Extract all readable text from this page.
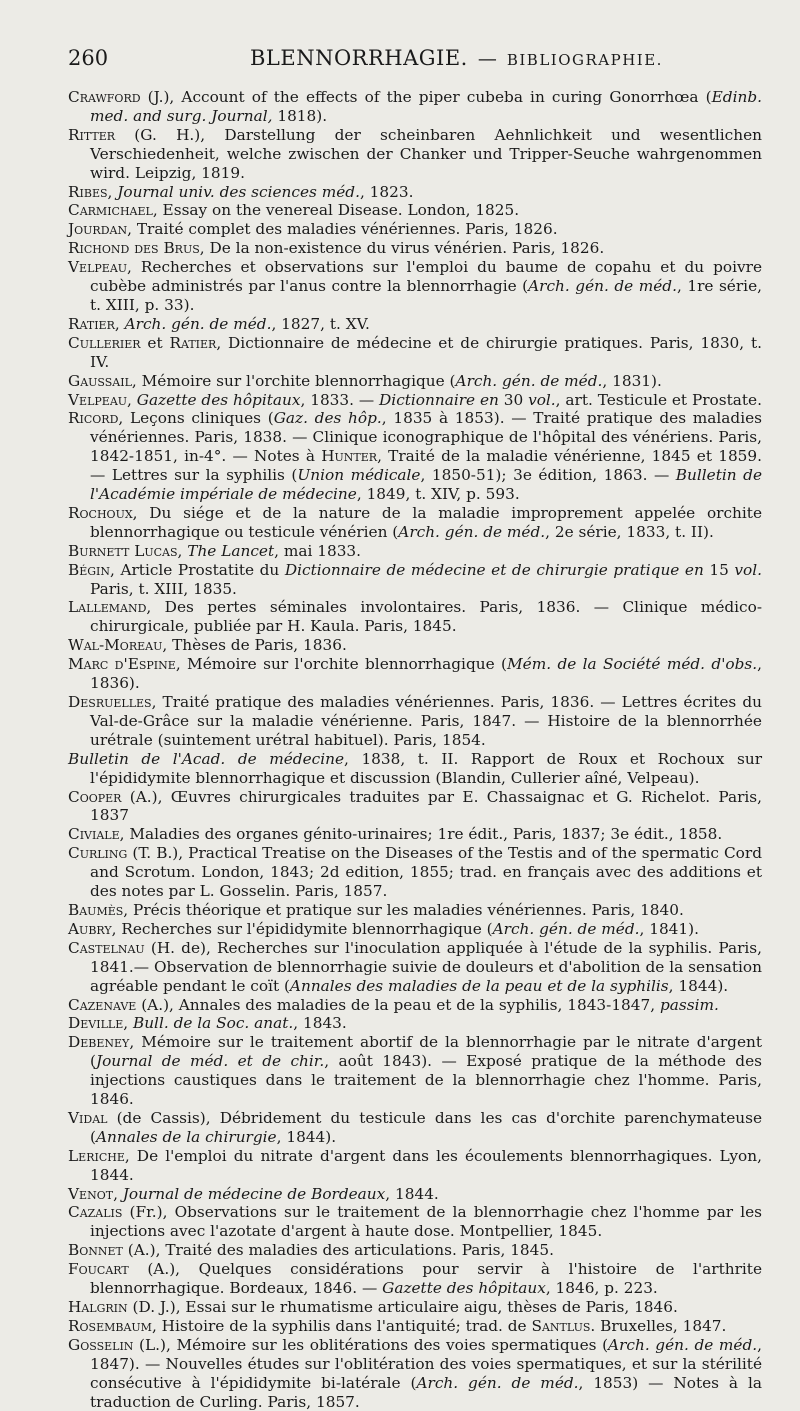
260	BLENNORRHAGIE. — BIBLIOGRAPHIE.

Crawford (J.), Account of the effects of the piper cubeba in curing Gonorrhœa (Edinb. med. and surg. Journal, 1818).

Ritter (G. H.), Darstellung der scheinbaren Aehnlichkeit und wesentlichen Verschiedenheit, welche zwischen der Chanker und Tripper-Seuche wahrgenommen wird. Leipzig, 1819.

Ribes, Journal univ. des sciences méd., 1823.

Carmichael, Essay on the venereal Disease. London, 1825.

Jourdan, Traité complet des maladies vénériennes. Paris, 1826.

Richond des Brus, De la non-existence du virus vénérien. Paris, 1826.

Velpeau, Recherches et observations sur l'emploi du baume de copahu et du poivre cubèbe administrés par l'anus contre la blennorrhagie (Arch. gén. de méd., 1re série, t. XIII, p. 33).

Ratier, Arch. gén. de méd., 1827, t. XV.

Cullerier et Ratier, Dictionnaire de médecine et de chirurgie pratiques. Paris, 1830, t. IV.

Gaussail, Mémoire sur l'orchite blennorrhagique (Arch. gén. de méd., 1831).

Velpeau, Gazette des hôpitaux, 1833. — Dictionnaire en 30 vol., art. Testicule et Prostate.

Ricord, Leçons cliniques (Gaz. des hôp., 1835 à 1853). — Traité pratique des maladies vénériennes. Paris, 1838. — Clinique iconographique de l'hôpital des vénériens. Paris, 1842-1851, in-4°. — Notes à Hunter, Traité de la maladie vénérienne, 1845 et 1859. — Lettres sur la syphilis (Union médicale, 1850-51); 3e édition, 1863. — Bulletin de l'Académie impériale de médecine, 1849, t. XIV, p. 593.

Rochoux, Du siége et de la nature de la maladie improprement appelée orchite blennorrhagique ou testicule vénérien (Arch. gén. de méd., 2e série, 1833, t. II).

Burnett Lucas, The Lancet, mai 1833.

Bégin, Article Prostatite du Dictionnaire de médecine et de chirurgie pratique en 15 vol. Paris, t. XIII, 1835.

Lallemand, Des pertes séminales involontaires. Paris, 1836. — Clinique médico-chirurgicale, publiée par H. Kaula. Paris, 1845.

Wal-Moreau, Thèses de Paris, 1836.

Marc d'Espine, Mémoire sur l'orchite blennorrhagique (Mém. de la Société méd. d'obs., 1836).

Desruelles, Traité pratique des maladies vénériennes. Paris, 1836. — Lettres écrites du Val-de-Grâce sur la maladie vénérienne. Paris, 1847. — Histoire de la blennorrhée urétrale (suintement urétral habituel). Paris, 1854.

Bulletin de l'Acad. de médecine, 1838, t. II. Rapport de Roux et Rochoux sur l'épididymite blennorrhagique et discussion (Blandin, Cullerier aîné, Velpeau).

Cooper (A.), Œuvres chirurgicales traduites par E. Chassaignac et G. Richelot. Paris, 1837

Civiale, Maladies des organes génito-urinaires; 1re édit., Paris, 1837; 3e édit., 1858.

Curling (T. B.), Practical Treatise on the Diseases of the Testis and of the spermatic Cord and Scrotum. London, 1843; 2d edition, 1855; trad. en français avec des additions et des notes par L. Gosselin. Paris, 1857.

Baumès, Précis théorique et pratique sur les maladies vénériennes. Paris, 1840.

Aubry, Recherches sur l'épididymite blennorrhagique (Arch. gén. de méd., 1841).

Castelnau (H. de), Recherches sur l'inoculation appliquée à l'étude de la syphilis. Paris, 1841.— Observation de blennorrhagie suivie de douleurs et d'abolition de la sensation agréable pendant le coït (Annales des maladies de la peau et de la syphilis, 1844).

Cazenave (A.), Annales des maladies de la peau et de la syphilis, 1843-1847, passim.

Deville, Bull. de la Soc. anat., 1843.

Debeney, Mémoire sur le traitement abortif de la blennorrhagie par le nitrate d'argent (Journal de méd. et de chir., août 1843). — Exposé pratique de la méthode des injections caustiques dans le traitement de la blennorrhagie chez l'homme. Paris, 1846.

Vidal (de Cassis), Débridement du testicule dans les cas d'orchite parenchymateuse (Annales de la chirurgie, 1844).

Leriche, De l'emploi du nitrate d'argent dans les écoulements blennorrhagiques. Lyon, 1844.

Venot, Journal de médecine de Bordeaux, 1844.

Cazalis (Fr.), Observations sur le traitement de la blennorrhagie chez l'homme par les injections avec l'azotate d'argent à haute dose. Montpellier, 1845.

Bonnet (A.), Traité des maladies des articulations. Paris, 1845.

Foucart (A.), Quelques considérations pour servir à l'histoire de l'arthrite blennorrhagique. Bordeaux, 1846. — Gazette des hôpitaux, 1846, p. 223.

Halgrin (D. J.), Essai sur le rhumatisme articulaire aigu, thèses de Paris, 1846.

Rosembaum, Histoire de la syphilis dans l'antiquité; trad. de Santlus. Bruxelles, 1847.

Gosselin (L.), Mémoire sur les oblitérations des voies spermatiques (Arch. gén. de méd., 1847). — Nouvelles études sur l'oblitération des voies spermatiques, et sur la stérilité consécutive à l'épididymite bi-latérale (Arch. gén. de méd., 1853) — Notes à la traduction de Curling. Paris, 1857.
